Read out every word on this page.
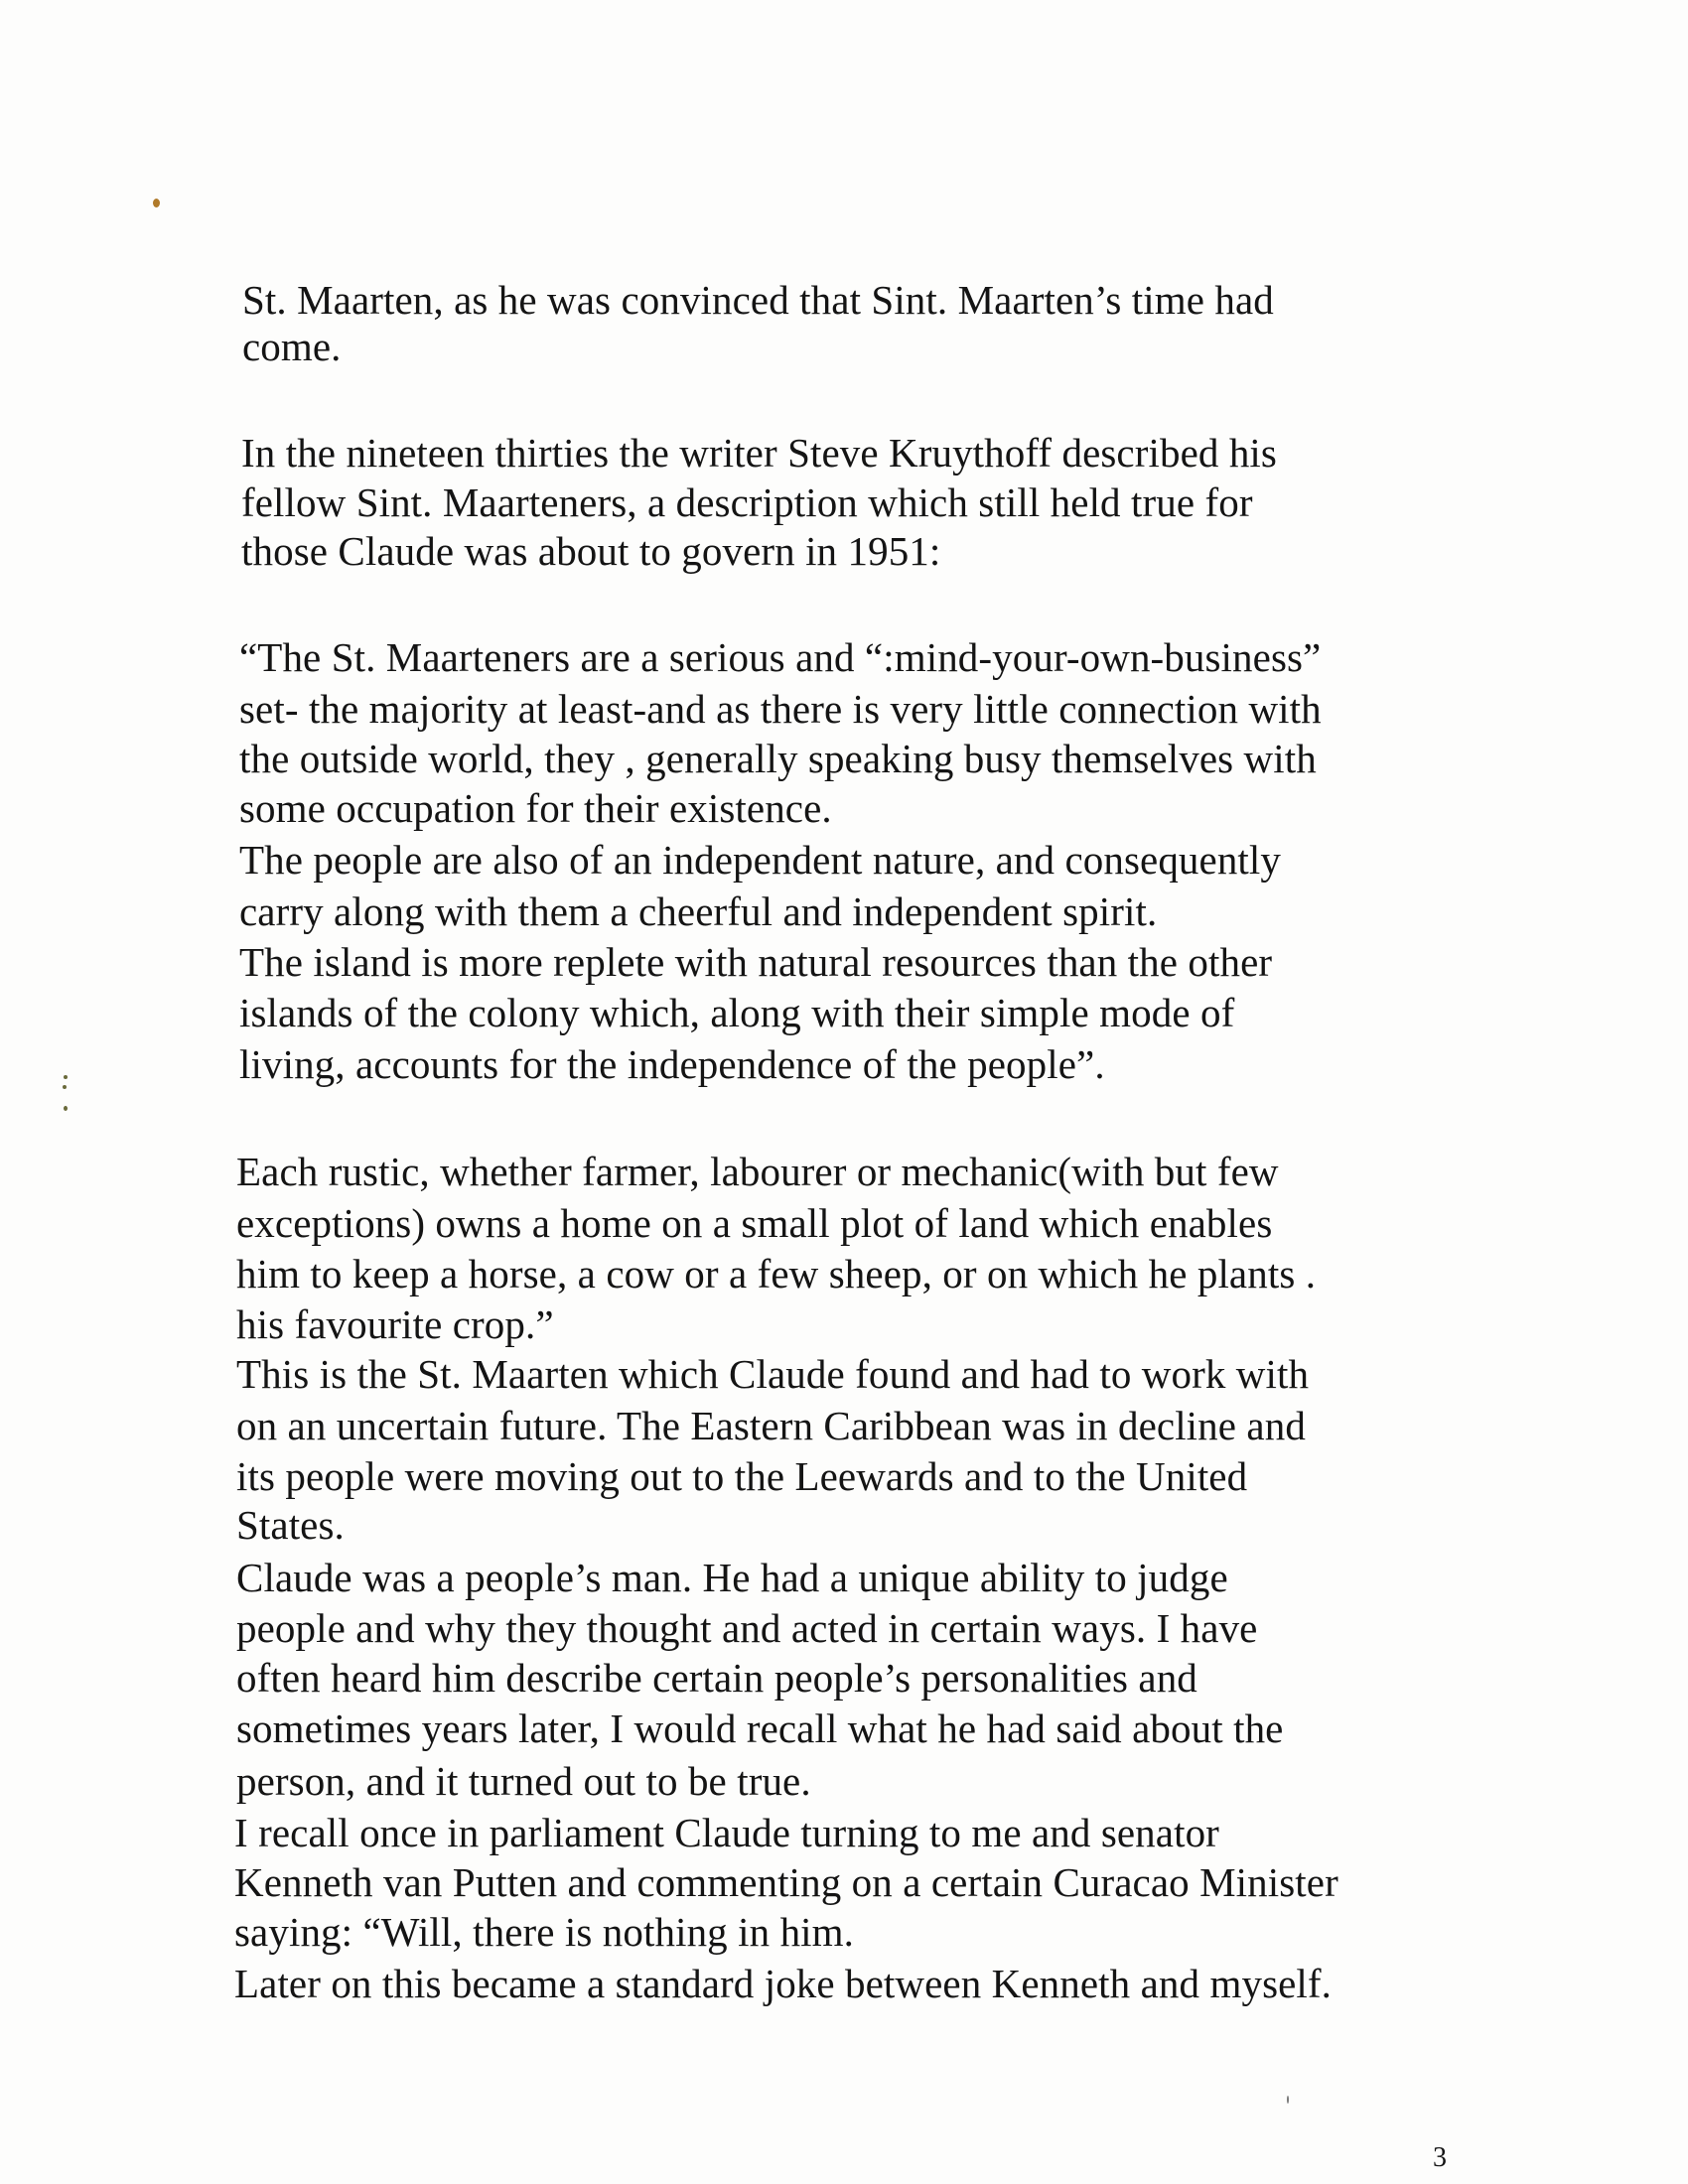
St. Maarten, as he was convinced that Sint. Maarten’s time had
come.
In the nineteen thirties the writer Steve Kruythoff described his
fellow Sint. Maarteners, a description which still held true for
those Claude was about to govern in 1951:
“The St. Maarteners are a serious and “:mind-your-own-business”
set- the majority at least-and as there is very little connection with
the outside world, they , generally speaking busy themselves with
some occupation for their existence.
The people are also of an independent nature, and consequently
carry along with them a cheerful and independent spirit.
The island is more replete with natural resources than the other
islands of the colony which, along with their simple mode of
living, accounts for the independence of the people”.
Each rustic, whether farmer, labourer or mechanic(with but few
exceptions) owns a home on a small plot of land which enables
him to keep a horse, a cow or a few sheep, or on which he plants .
his favourite crop.”
This is the St. Maarten which Claude found and had to work with
on an uncertain future. The Eastern Caribbean was in decline and
its people were moving out to the Leewards and to the United
States.
Claude was a people’s man. He had a unique ability to judge
people and why they thought and acted in certain ways. I have
often heard him describe certain people’s personalities and
sometimes years later, I would recall what he had said about the
person, and it turned out to be true.
I recall once in parliament Claude turning to me and senator
Kenneth van Putten and commenting on a certain Curacao Minister
saying: “Will, there is nothing in him.
Later on this became a standard joke between Kenneth and myself.
3
